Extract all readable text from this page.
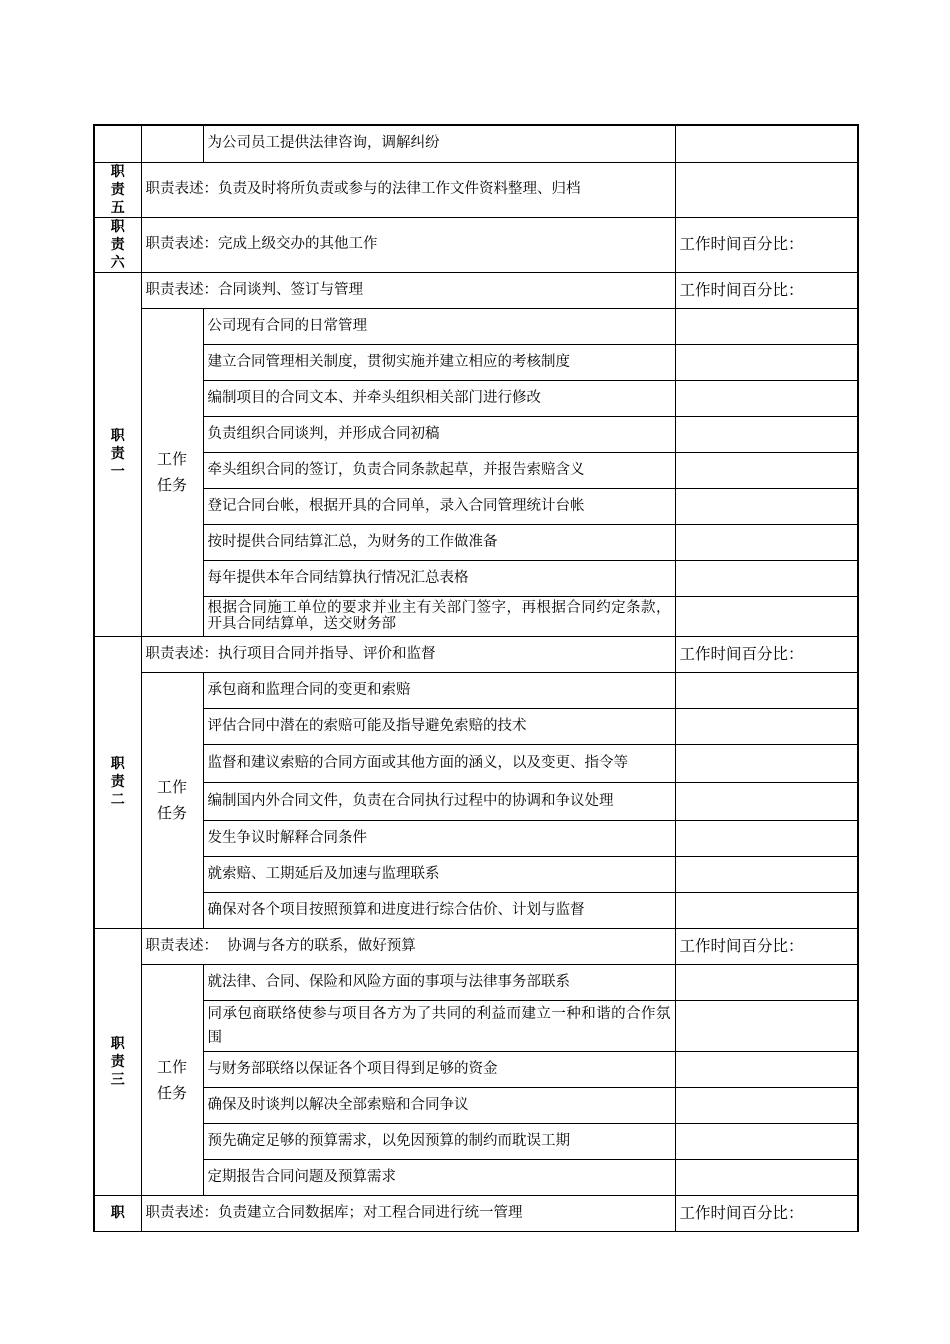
		为公司员工提供法律咨询，调解纠纷	
职责五	职责表述：负责及时将所负责或参与的法律工作文件资料整理、归档		
职责六	职责表述：完成上级交办的其他工作		工作时间百分比：
职责一	职责表述：合同谈判、签订与管理		工作时间百分比：
	工作任务	公司现有合同的日常管理	
		建立合同管理相关制度，贯彻实施并建立相应的考核制度	
		编制项目的合同文本、并牵头组织相关部门进行修改	
		负责组织合同谈判，并形成合同初稿	
		牵头组织合同的签订，负责合同条款起草，并报告索赔含义	
		登记合同台帐，根据开具的合同单，录入合同管理统计台帐	
		按时提供合同结算汇总，为财务的工作做准备	
		每年提供本年合同结算执行情况汇总表格	
		根据合同施工单位的要求并业主有关部门签字，再根据合同约定条款，开具合同结算单，送交财务部	
职责二	职责表述：执行项目合同并指导、评价和监督		工作时间百分比：
	工作任务	承包商和监理合同的变更和索赔	
		评估合同中潜在的索赔可能及指导避免索赔的技术	
		监督和建议索赔的合同方面或其他方面的涵义，以及变更、指令等	
		编制国内外合同文件，负责在合同执行过程中的协调和争议处理	
		发生争议时解释合同条件	
		就索赔、工期延后及加速与监理联系	
		确保对各个项目按照预算和进度进行综合估价、计划与监督	
职责三	职责表述：  协调与各方的联系，做好预算		工作时间百分比：
	工作任务	就法律、合同、保险和风险方面的事项与法律事务部联系	
		同承包商联络使参与项目各方为了共同的利益而建立一种和谐的合作氛围	
		与财务部联络以保证各个项目得到足够的资金	
		确保及时谈判以解决全部索赔和合同争议	
		预先确定足够的预算需求，以免因预算的制约而耽误工期	
		定期报告合同问题及预算需求	
职	职责表述：负责建立合同数据库；对工程合同进行统一管理		工作时间百分比：
